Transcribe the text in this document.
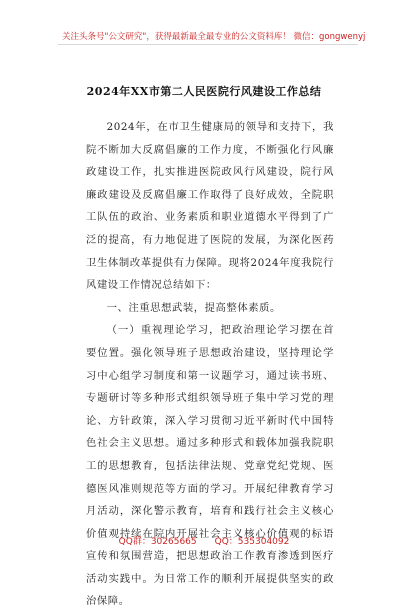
关注头条号"公文研究"，获得最新最全最专业的公文资料库！ 微信：gongwenyj
2024年XX市第二人民医院行风建设工作总结

2024年，在市卫生健康局的领导和支持下，我院不断加大反腐倡廉的工作力度，不断强化行风廉政建设工作，扎实推进医院政风行风建设，院行风廉政建设及反腐倡廉工作取得了良好成效，全院职工队伍的政治、业务素质和职业道德水平得到了广泛的提高，有力地促进了医院的发展，为深化医药卫生体制改革提供有力保障。现将2024年度我院行风建设工作情况总结如下：

一、注重思想武装，提高整体素质。

（一）重视理论学习，把政治理论学习摆在首要位置。强化领导班子思想政治建设，坚持理论学习中心组学习制度和第一议题学习，通过读书班、专题研讨等多种形式组织领导班子集中学习党的理论、方针政策，深入学习贯彻习近平新时代中国特色社会主义思想。通过多种形式和载体加强我院职工的思想教育，包括法律法规、党章党纪党规、医德医风准则规范等方面的学习。开展纪律教育学习月活动，深化警示教育，培育和践行社会主义核心价值观持续在院内开展社会主义核心价值观的标语宣传和氛围营造，把思想政治工作教育渗透到医疗活动实践中。为日常工作的顺利开展提供坚实的政治保障。

QQ群：30265665 QQ：535304092
